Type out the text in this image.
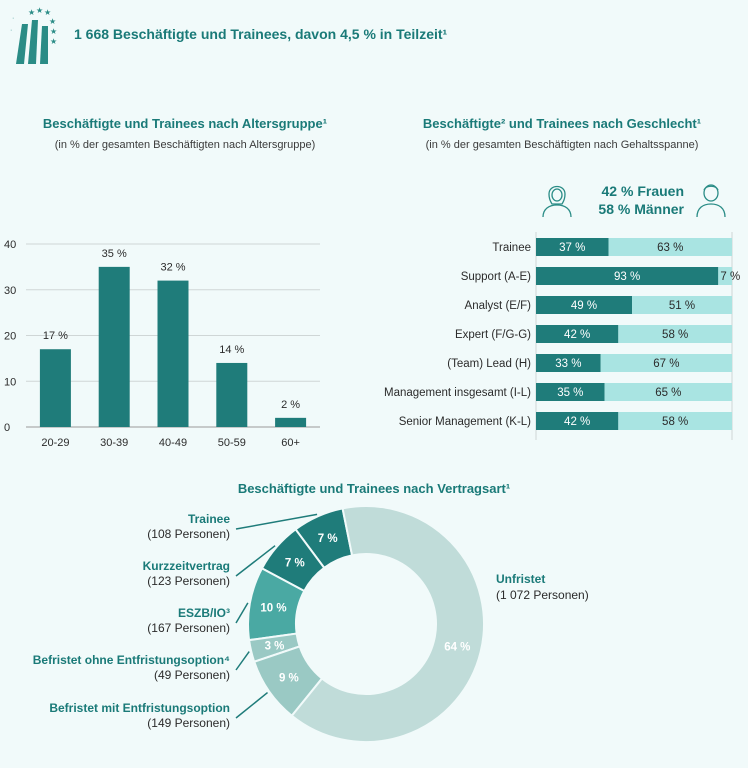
★ ★ ★
★
★
★
·
·	1 668 Beschäftigte und Trainees, davon 4,5 % in Teilzeit¹
Beschäftigte und Trainees nach Altersgruppe¹
(in % der gesamten Beschäftigten nach Altersgruppe)
Beschäftigte² und Trainees nach Geschlecht¹
(in % der gesamten Beschäftigten nach Gehaltsspanne)
42 % Frauen
58 % Männer
0
10
20
30
40
17 %
20-29
35 %
30-39
32 %
40-49
14 %
50-59
2 %
60+
Trainee 37 %	63 %
Support (A-E)	93 %	7 %
Analyst (E/F)	49 %	51 %
Expert (F/G-G)	42 %	58 %
(Team) Lead (H) 33 %	67 %
Management insgesamt (I-L) 35 %	65 %
Senior Management (K-L)	42 %	58 %
Beschäftigte und Trainees nach Vertragsart¹
7 %
7 %
10 %
3 %
9 %
64 %
Trainee
(108 Personen)
Kurzzeitvertrag
(123 Personen)
ESZB/IO³
(167 Personen)
Befristet ohne Entfristungsoption⁴
(49 Personen)
Befristet mit Entfristungsoption
(149 Personen)
Unfristet
(1 072 Personen)
